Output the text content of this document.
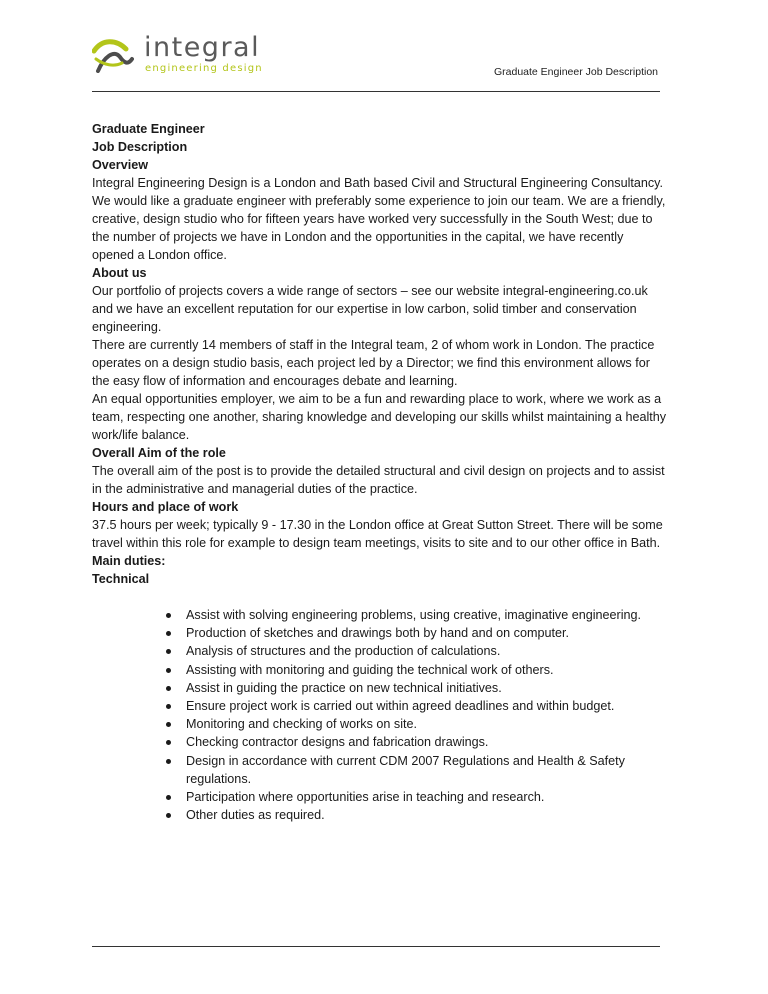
integral
engineering design	Graduate Engineer Job Description
Graduate Engineer
Job Description
Overview

Integral Engineering Design is a London and Bath based Civil and Structural Engineering Consultancy. We would like a graduate engineer with preferably some experience to join our team. We are a friendly, creative, design studio who for fifteen years have worked very successfully in the South West; due to the number of projects we have in London and the opportunities in the capital, we have recently opened a London office.

About us

Our portfolio of projects covers a wide range of sectors – see our website integral-engineering.co.uk and we have an excellent reputation for our expertise in low carbon, solid timber and conservation engineering.

There are currently 14 members of staff in the Integral team, 2 of whom work in London. The practice operates on a design studio basis, each project led by a Director; we find this environment allows for the easy flow of information and encourages debate and learning.

An equal opportunities employer, we aim to be a fun and rewarding place to work, where we work as a team, respecting one another, sharing knowledge and developing our skills whilst maintaining a healthy work/life balance.

Overall Aim of the role

The overall aim of the post is to provide the detailed structural and civil design on projects and to assist in the administrative and managerial duties of the practice.

Hours and place of work

37.5 hours per week; typically 9 - 17.30 in the London office at Great Sutton Street. There will be some travel within this role for example to design team meetings, visits to site and to our other office in Bath.

Main duties:
Technical
Assist with solving engineering problems, using creative, imaginative engineering.
Production of sketches and drawings both by hand and on computer.
Analysis of structures and the production of calculations.
Assisting with monitoring and guiding the technical work of others.
Assist in guiding the practice on new technical initiatives.
Ensure project work is carried out within agreed deadlines and within budget.
Monitoring and checking of works on site.
Checking contractor designs and fabrication drawings.
Design in accordance with current CDM 2007 Regulations and Health & Safety regulations.
Participation where opportunities arise in teaching and research.
Other duties as required.
